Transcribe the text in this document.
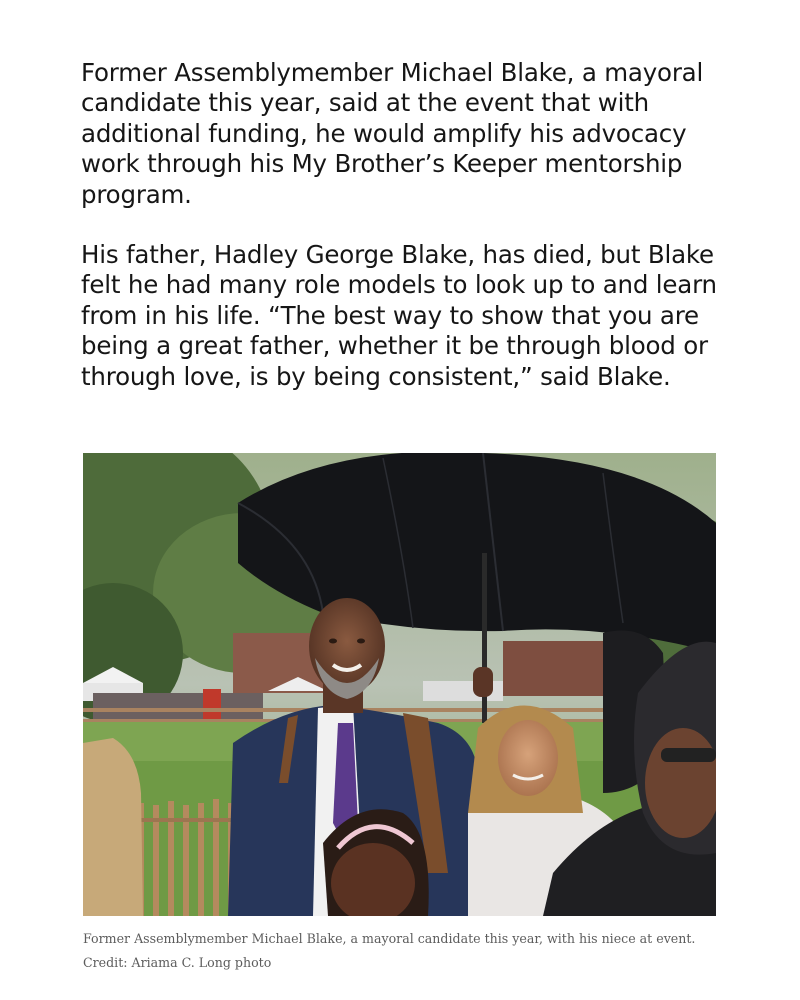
Former Assemblymember Michael Blake, a mayoral candidate this year, said at the event that with additional funding, he would amplify his advocacy work through his My Brother’s Keeper mentorship program.

His father, Hadley George Blake, has died, but Blake felt he had many role models to look up to and learn from in his life. “The best way to show that you are being a great father, whether it be through blood or through love, is by being consistent,” said Blake.

Former Assemblymember Michael Blake, a mayoral candidate this year, with his niece at event. Credit: Ariama C. Long photo
